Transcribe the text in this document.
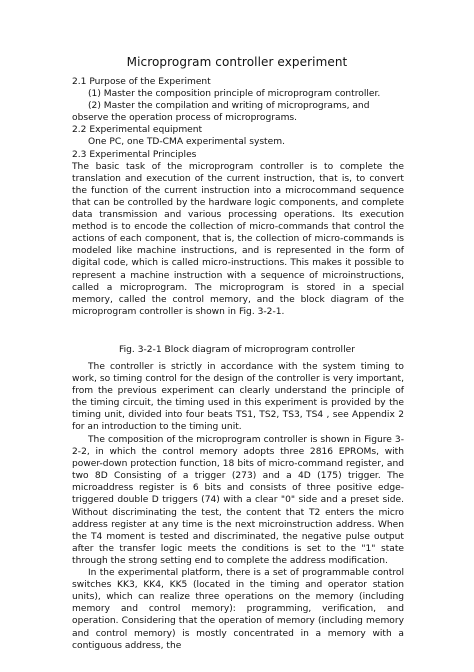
Microprogram controller experiment

2.1 Purpose of the Experiment

(1) Master the composition principle of microprogram controller.

(2) Master the compilation and writing of microprograms, and observe the operation process of microprograms.

2.2 Experimental equipment

One PC, one TD-CMA experimental system.

2.3 Experimental Principles

The basic task of the microprogram controller is to complete the translation and execution of the current instruction, that is, to convert the function of the current instruction into a microcommand sequence that can be controlled by the hardware logic components, and complete data transmission and various processing operations. Its execution method is to encode the collection of micro-commands that control the actions of each component, that is, the collection of micro-commands is modeled like machine instructions, and is represented in the form of digital code, which is called micro-instructions. This makes it possible to represent a machine instruction with a sequence of microinstructions, called a microprogram. The microprogram is stored in a special memory, called the control memory, and the block diagram of the microprogram controller is shown in Fig. 3-2-1.

Fig. 3-2-1 Block diagram of microprogram controller

The controller is strictly in accordance with the system timing to work, so timing control for the design of the controller is very important, from the previous experiment can clearly understand the principle of the timing circuit, the timing used in this experiment is provided by the timing unit, divided into four beats TS1, TS2, TS3, TS4 , see Appendix 2 for an introduction to the timing unit.

The composition of the microprogram controller is shown in Figure 3-2-2, in which the control memory adopts three 2816 EPROMs, with power-down protection function, 18 bits of micro-command register, and two 8D Consisting of a trigger (273) and a 4D (175) trigger. The microaddress register is 6 bits and consists of three positive edge-triggered double D triggers (74) with a clear "0" side and a preset side. Without discriminating the test, the content that T2 enters the micro address register at any time is the next microinstruction address. When the T4 moment is tested and discriminated, the negative pulse output after the transfer logic meets the conditions is set to the "1" state through the strong setting end to complete the address modification.

In the experimental platform, there is a set of programmable control switches KK3, KK4, KK5 (located in the timing and operator station units), which can realize three operations on the memory (including memory and control memory): programming, verification, and operation. Considering that the operation of memory (including memory and control memory) is mostly concentrated in a memory with a contiguous address, the
